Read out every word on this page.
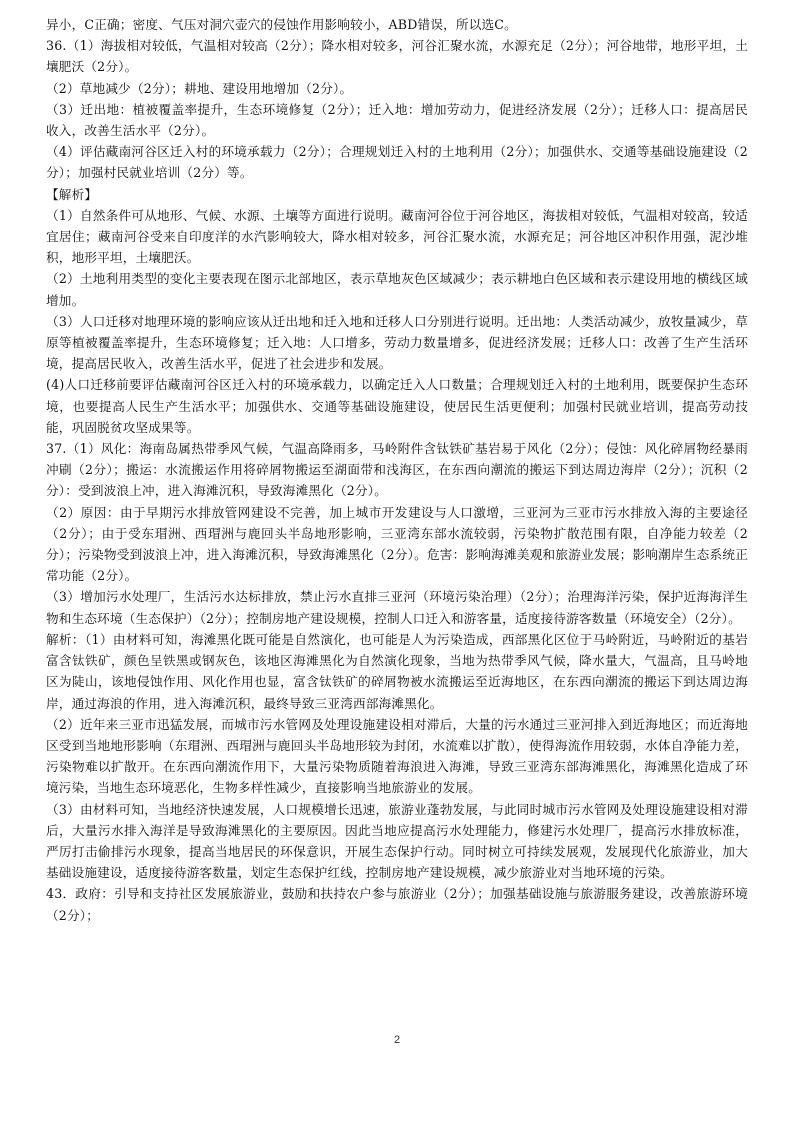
异小，C正确；密度、气压对洞穴壶穴的侵蚀作用影响较小，ABD错误，所以选C。

36.（1）海拔相对较低，气温相对较高（2分）；降水相对较多，河谷汇聚水流，水源充足（2分）；河谷地带，地形平坦，土壤肥沃（2分）。

（2）草地减少（2分）；耕地、建设用地增加（2分）。

（3）迁出地：植被覆盖率提升，生态环境修复（2分）；迁入地：增加劳动力，促进经济发展（2分）；迁移人口：提高居民收入，改善生活水平（2分）。

（4）评估藏南河谷区迁入村的环境承载力（2分）；合理规划迁入村的土地利用（2分）；加强供水、交通等基础设施建设（2分）；加强村民就业培训（2分）等。

【解析】

（1）自然条件可从地形、气候、水源、土壤等方面进行说明。藏南河谷位于河谷地区，海拔相对较低，气温相对较高，较适宜居住；藏南河谷受来自印度洋的水汽影响较大，降水相对较多，河谷汇聚水流，水源充足；河谷地区冲积作用强，泥沙堆积，地形平坦，土壤肥沃。

（2）土地利用类型的变化主要表现在图示北部地区，表示草地灰色区域减少；表示耕地白色区域和表示建设用地的横线区域增加。

（3）人口迁移对地理环境的影响应该从迁出地和迁入地和迁移人口分别进行说明。迁出地：人类活动减少，放牧量减少，草原等植被覆盖率提升，生态环境修复；迁入地：人口增多，劳动力数量增多，促进经济发展；迁移人口：改善了生产生活环境，提高居民收入，改善生活水平，促进了社会进步和发展。

(4)人口迁移前要评估藏南河谷区迁入村的环境承载力，以确定迁入人口数量；合理规划迁入村的土地利用，既要保护生态环境，也要提高人民生产生活水平；加强供水、交通等基础设施建设，使居民生活更便利；加强村民就业培训，提高劳动技能，巩固脱贫攻坚成果等。

37.（1）风化：海南岛属热带季风气候，气温高降雨多，马岭附件含钛铁矿基岩易于风化（2分）；侵蚀：风化碎屑物经暴雨冲刷（2分）；搬运：水流搬运作用将碎屑物搬运至湖面带和浅海区，在东西向潮流的搬运下到达周边海岸（2分）；沉积（2分）：受到波浪上冲，进入海滩沉积，导致海滩黑化（2分）。

（2）原因：由于早期污水排放管网建设不完善，加上城市开发建设与人口激增，三亚河为三亚市污水排放入海的主要途径（2分）；由于受东瑁洲、西瑁洲与鹿回头半岛地形影响，三亚湾东部水流较弱，污染物扩散范围有限，自净能力较差（2分）；污染物受到波浪上冲，进入海滩沉积，导致海滩黑化（2分）。危害：影响海滩美观和旅游业发展；影响潮岸生态系统正常功能（2分）。

（3）增加污水处理厂，生活污水达标排放，禁止污水直排三亚河（环境污染治理）（2分）；治理海洋污染，保护近海海洋生物和生态环境（生态保护）（2分）；控制房地产建设规模，控制人口迁入和游客量，适度接待游客数量（环境安全）（2分）。

解析：（1）由材料可知，海滩黑化既可能是自然演化，也可能是人为污染造成，西部黑化区位于马岭附近，马岭附近的基岩富含钛铁矿，颜色呈铁黑或钢灰色，该地区海滩黑化为自然演化现象，当地为热带季风气候，降水量大，气温高，且马岭地区为陡山，该地侵蚀作用、风化作用也显，富含钛铁矿的碎屑物被水流搬运至近海地区，在东西向潮流的搬运下到达周边海岸，通过海浪的作用，进入海滩沉积，最终导致三亚湾西部海滩黑化。

（2）近年来三亚市迅猛发展，而城市污水管网及处理设施建设相对滞后，大量的污水通过三亚河排入到近海地区；而近海地区受到当地地形影响（东瑁洲、西瑁洲与鹿回头半岛地形较为封闭，水流难以扩散），使得海流作用较弱，水体自净能力差，污染物难以扩散开。在东西向潮流作用下，大量污染物质随着海浪进入海滩，导致三亚湾东部海滩黑化，海滩黑化造成了环境污染，当地生态环境恶化，生物多样性减少，直接影响当地旅游业的发展。

（3）由材料可知，当地经济快速发展，人口规模增长迅速，旅游业蓬勃发展，与此同时城市污水管网及处理设施建设相对滞后，大量污水排入海洋是导致海滩黑化的主要原因。因此当地应提高污水处理能力，修建污水处理厂，提高污水排放标准，严厉打击偷排污水现象，提高当地居民的环保意识，开展生态保护行动。同时树立可持续发展观，发展现代化旅游业，加大基础设施建设，适度接待游客数量，划定生态保护红线，控制房地产建设规模，减少旅游业对当地环境的污染。

43．政府：引导和支持社区发展旅游业，鼓励和扶持农户参与旅游业（2分）；加强基础设施与旅游服务建设，改善旅游环境（2分）；

2
